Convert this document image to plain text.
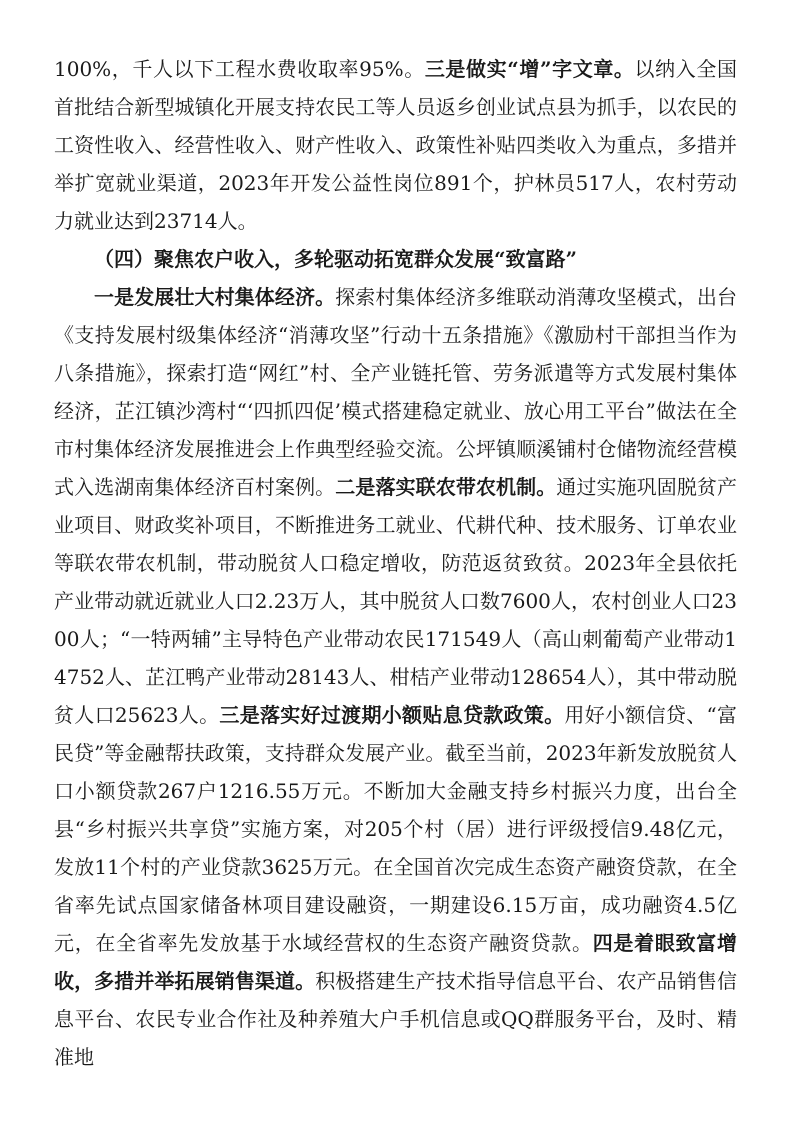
100%，千人以下工程水费收取率95%。三是做实“增”字文章。以纳入全国首批结合新型城镇化开展支持农民工等人员返乡创业试点县为抓手，以农民的工资性收入、经营性收入、财产性收入、政策性补贴四类收入为重点，多措并举扩宽就业渠道，2023年开发公益性岗位891个，护林员517人，农村劳动力就业达到23714人。

（四）聚焦农户收入，多轮驱动拓宽群众发展“致富路”

一是发展壮大村集体经济。探索村集体经济多维联动消薄攻坚模式，出台《支持发展村级集体经济“消薄攻坚”行动十五条措施》《激励村干部担当作为八条措施》，探索打造“网红”村、全产业链托管、劳务派遣等方式发展村集体经济，芷江镇沙湾村“‘四抓四促’模式搭建稳定就业、放心用工平台”做法在全市村集体经济发展推进会上作典型经验交流。公坪镇顺溪铺村仓储物流经营模式入选湖南集体经济百村案例。二是落实联农带农机制。通过实施巩固脱贫产业项目、财政奖补项目，不断推进务工就业、代耕代种、技术服务、订单农业等联农带农机制，带动脱贫人口稳定增收，防范返贫致贫。2023年全县依托产业带动就近就业人口2.23万人，其中脱贫人口数7600人，农村创业人口2300人；“一特两辅”主导特色产业带动农民171549人（高山刺葡萄产业带动14752人、芷江鸭产业带动28143人、柑桔产业带动128654人），其中带动脱贫人口25623人。三是落实好过渡期小额贴息贷款政策。用好小额信贷、“富民贷”等金融帮扶政策，支持群众发展产业。截至当前，2023年新发放脱贫人口小额贷款267户1216.55万元。不断加大金融支持乡村振兴力度，出台全县“乡村振兴共享贷”实施方案，对205个村（居）进行评级授信9.48亿元，发放11个村的产业贷款3625万元。在全国首次完成生态资产融资贷款，在全省率先试点国家储备林项目建设融资，一期建设6.15万亩，成功融资4.5亿元，在全省率先发放基于水域经营权的生态资产融资贷款。四是着眼致富增收，多措并举拓展销售渠道。积极搭建生产技术指导信息平台、农产品销售信息平台、农民专业合作社及种养殖大户手机信息或QQ群服务平台，及时、精准地
